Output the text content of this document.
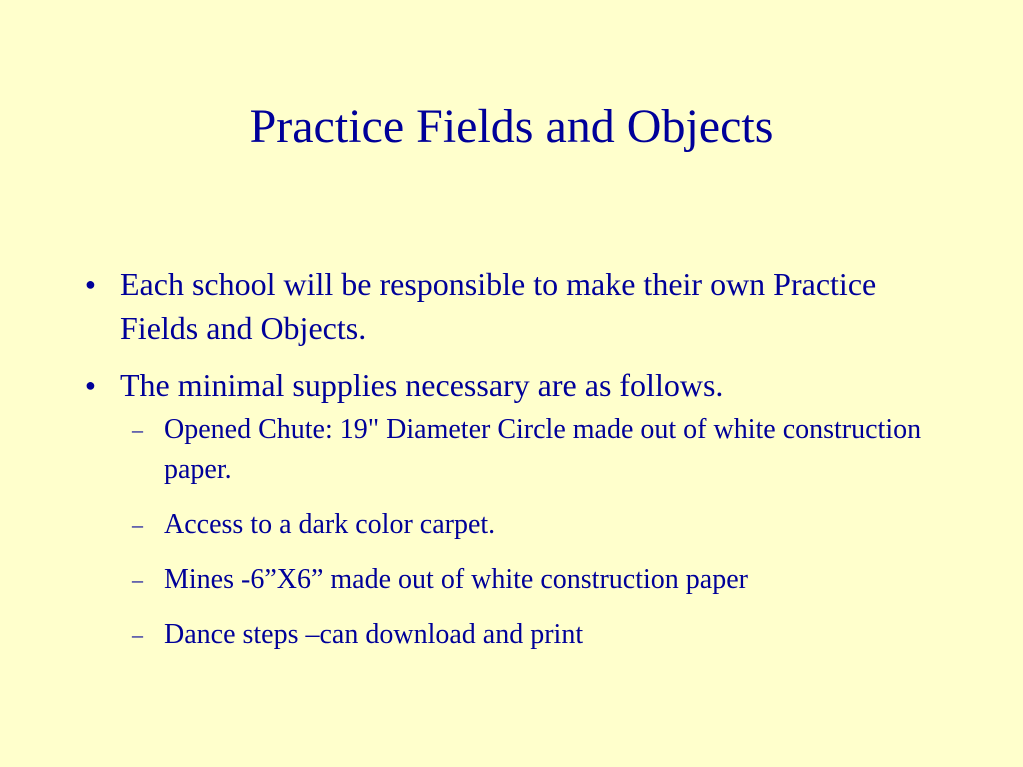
Practice Fields and Objects
● Each school will be responsible to make their own Practice Fields and Objects.
● The minimal supplies necessary are as follows.
– Opened Chute: 19" Diameter Circle made out of white construction paper.
– Access to a dark color carpet.
– Mines -6”X6” made out of white construction paper
– Dance steps –can download and print
